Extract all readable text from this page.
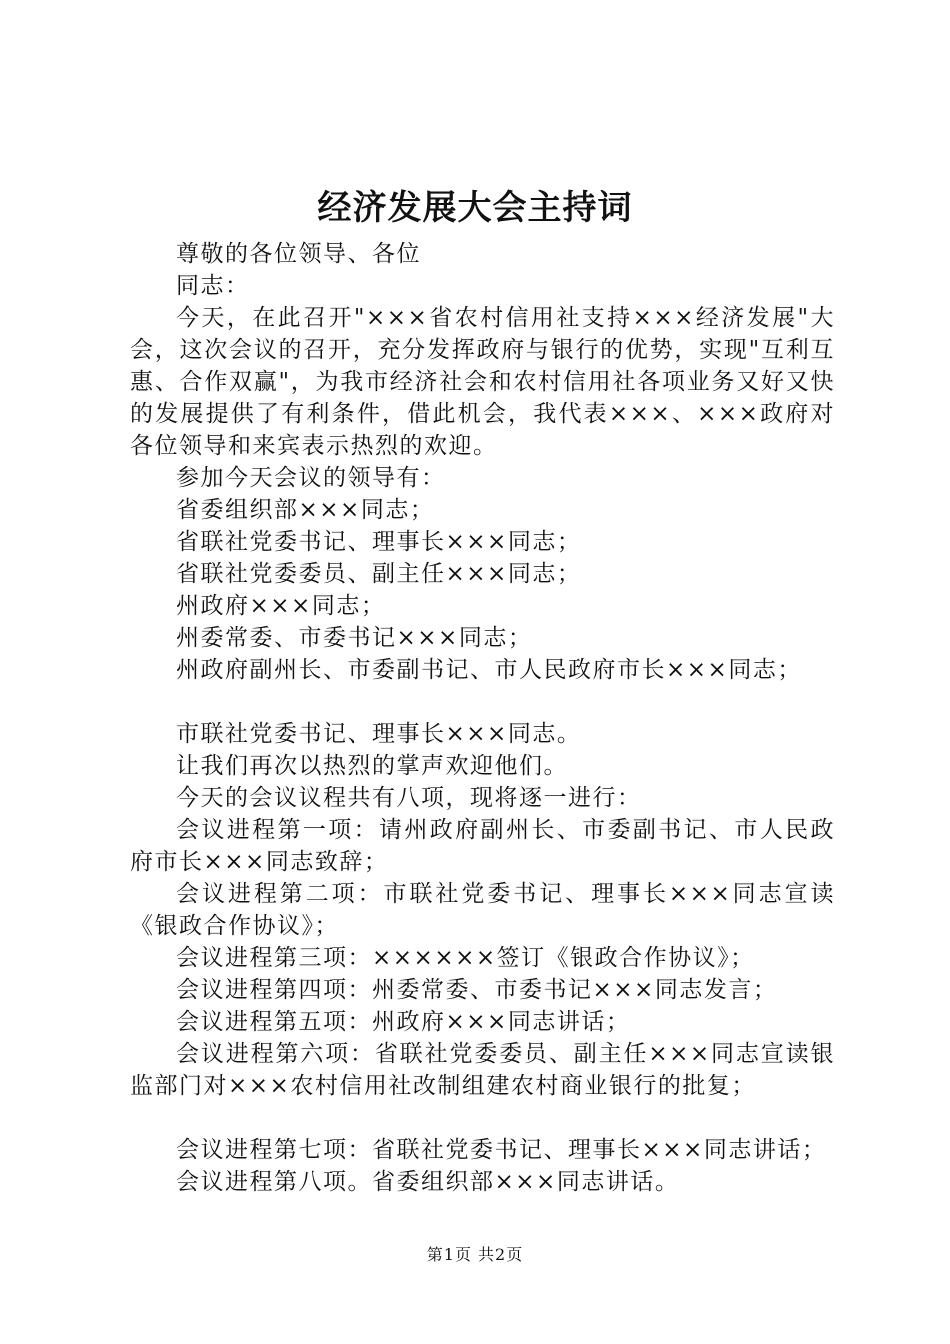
经济发展大会主持词

尊敬的各位领导、各位

同志：

今天，在此召开"×××省农村信用社支持×××经济发展"大会，这次会议的召开，充分发挥政府与银行的优势，实现"互利互惠、合作双赢"，为我市经济社会和农村信用社各项业务又好又快的发展提供了有利条件，借此机会，我代表×××、×××政府对各位领导和来宾表示热烈的欢迎。

参加今天会议的领导有：

省委组织部×××同志；

省联社党委书记、理事长×××同志；

省联社党委委员、副主任×××同志；

州政府×××同志；

州委常委、市委书记×××同志；

州政府副州长、市委副书记、市人民政府市长×××同志；

市联社党委书记、理事长×××同志。

让我们再次以热烈的掌声欢迎他们。

今天的会议议程共有八项，现将逐一进行：

会议进程第一项：请州政府副州长、市委副书记、市人民政府市长×××同志致辞；

会议进程第二项：市联社党委书记、理事长×××同志宣读《银政合作协议》；

会议进程第三项：××××××签订《银政合作协议》；

会议进程第四项：州委常委、市委书记×××同志发言；

会议进程第五项：州政府×××同志讲话；

会议进程第六项：省联社党委委员、副主任×××同志宣读银监部门对×××农村信用社改制组建农村商业银行的批复；

会议进程第七项：省联社党委书记、理事长×××同志讲话；

会议进程第八项。省委组织部×××同志讲话。

第1页 共2页
